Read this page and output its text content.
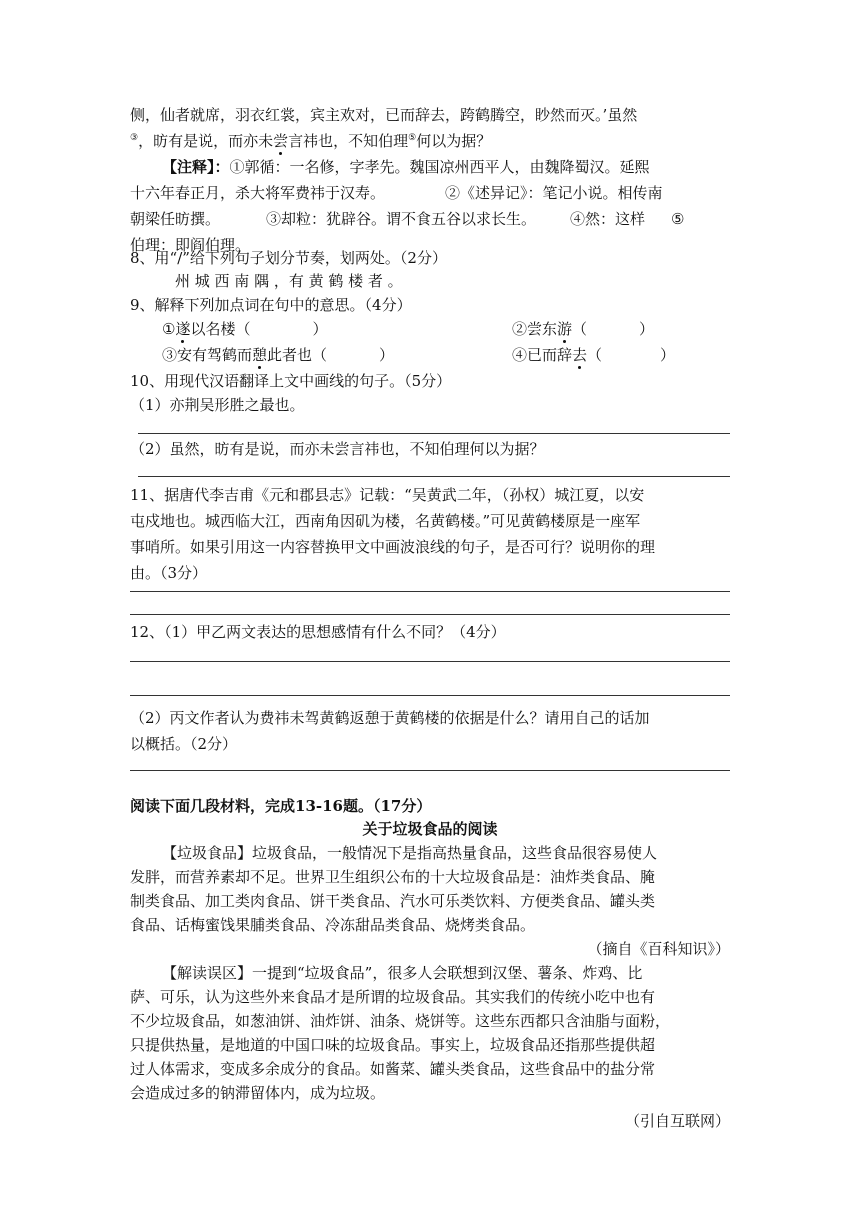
侧，仙者就席，羽衣红裳，宾主欢对，已而辞去，跨鹤腾空，眇然而灭。’虽然
③，昉有是说，而亦未尝言祎也，不知伯理⑤何以为据？
【注释】：①郭循：一名修，字孝先。魏国凉州西平人，由魏降蜀汉。延熙
十六年春正月，杀大将军费祎于汉寿。	②《述异记》：笔记小说。相传南
朝梁任昉撰。	③却粒：犹辟谷。谓不食五谷以求长生。 ④然：这样 ⑤
伯理：即阎伯理。
8、用“/”给下列句子划分节奏，划两处。（2分）
州 城 西 南 隅 ，有 黄 鹤 楼 者 。
9、解释下列加点词在句中的意思。（4分）
①遂以名楼（	）	②尝东游（	）
③安有驾鹤而憩此者也（	）	④已而辞去（	）
10、用现代汉语翻译上文中画线的句子。（5分）
（1）亦荆吴形胜之最也。
（2）虽然，昉有是说，而亦未尝言祎也，不知伯理何以为据？
11、据唐代李吉甫《元和郡县志》记载：“吴黄武二年，（孙权）城江夏，以安
屯戍地也。城西临大江，西南角因矶为楼，名黄鹤楼。”可见黄鹤楼原是一座军
事哨所。如果引用这一内容替换甲文中画波浪线的句子，是否可行？说明你的理
由。（3分）
12、（1）甲乙两文表达的思想感情有什么不同？（4分）
（2）丙文作者认为费祎未驾黄鹤返憩于黄鹤楼的依据是什么？请用自己的话加
以概括。（2分）
阅读下面几段材料，完成13-16题。（17分）
关于垃圾食品的阅读
【垃圾食品】垃圾食品，一般情况下是指高热量食品，这些食品很容易使人
发胖，而营养素却不足。世界卫生组织公布的十大垃圾食品是：油炸类食品、腌
制类食品、加工类肉食品、饼干类食品、汽水可乐类饮料、方便类食品、罐头类
食品、话梅蜜饯果脯类食品、冷冻甜品类食品、烧烤类食品。
（摘自《百科知识》）
【解读误区】一提到“垃圾食品”，很多人会联想到汉堡、薯条、炸鸡、比
萨、可乐，认为这些外来食品才是所谓的垃圾食品。其实我们的传统小吃中也有
不少垃圾食品，如葱油饼、油炸饼、油条、烧饼等。这些东西都只含油脂与面粉，
只提供热量，是地道的中国口味的垃圾食品。事实上，垃圾食品还指那些提供超
过人体需求，变成多余成分的食品。如酱菜、罐头类食品，这些食品中的盐分常
会造成过多的钠滞留体内，成为垃圾。
（引自互联网）
